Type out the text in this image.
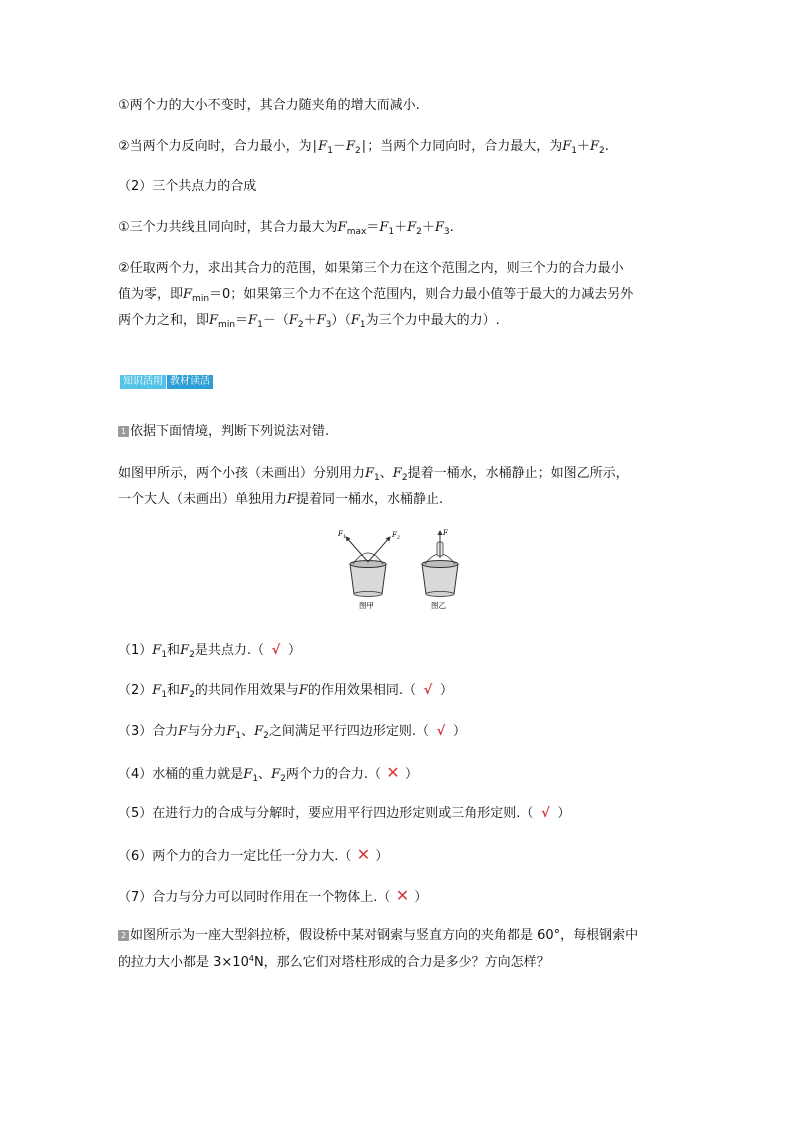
①两个力的大小不变时，其合力随夹角的增大而减小.
②当两个力反向时，合力最小，为$∣F_1-F_2∣$；当两个力同向时，合力最大，为$F_1+F_2$.
（2）三个共点力的合成
①三个力共线且同向时，其合力最大为$F_{max}=F_1+F_2+F_3$.
②任取两个力，求出其合力的范围，如果第三个力在这个范围之内，则三个力的合力最小
值为零，即$F_{min}=0$；如果第三个力不在这个范围内，则合力最小值等于最大的力减去另外
两个力之和，即$F_{min}=F_1-(F_2+F_3)(F_1$为三个力中最大的力）.
知识活用 教材读活
1 依据下面情境，判断下列说法对错.
如图甲所示，两个小孩（未画出）分别用力$F_1$、$F_2$提着一桶水，水桶静止；如图乙所示，
一个大人（未画出）单独用力F提着同一桶水，水桶静止.
$F_1$	$F_2$
图甲
F
图乙
$(1)F_1$和$F_2$是共点力.（ √ ）
$(2)F_1$和$F_2$的共同作用效果与F的作用效果相同.（ √ ）
（3）合力F与分力$F_1$、$F_2$之间满足平行四边形定则.（ √ ）
（4）水桶的重力就是$F_1$、$F_2$两个力的合力.（ ✕ ）
（5）在进行力的合成与分解时，要应用平行四边形定则或三角形定则.（ √ ）
（6）两个力的合力一定比任一分力大.（ ✕ ）
（7）合力与分力可以同时作用在一个物体上.（ ✕ ）
2 如图所示为一座大型斜拉桥，假设桥中某对钢索与竖直方向的夹角都是 60°，每根钢索中
的拉力大小都是 $3\times 10^4N$，那么它们对塔柱形成的合力是多少？方向怎样？
